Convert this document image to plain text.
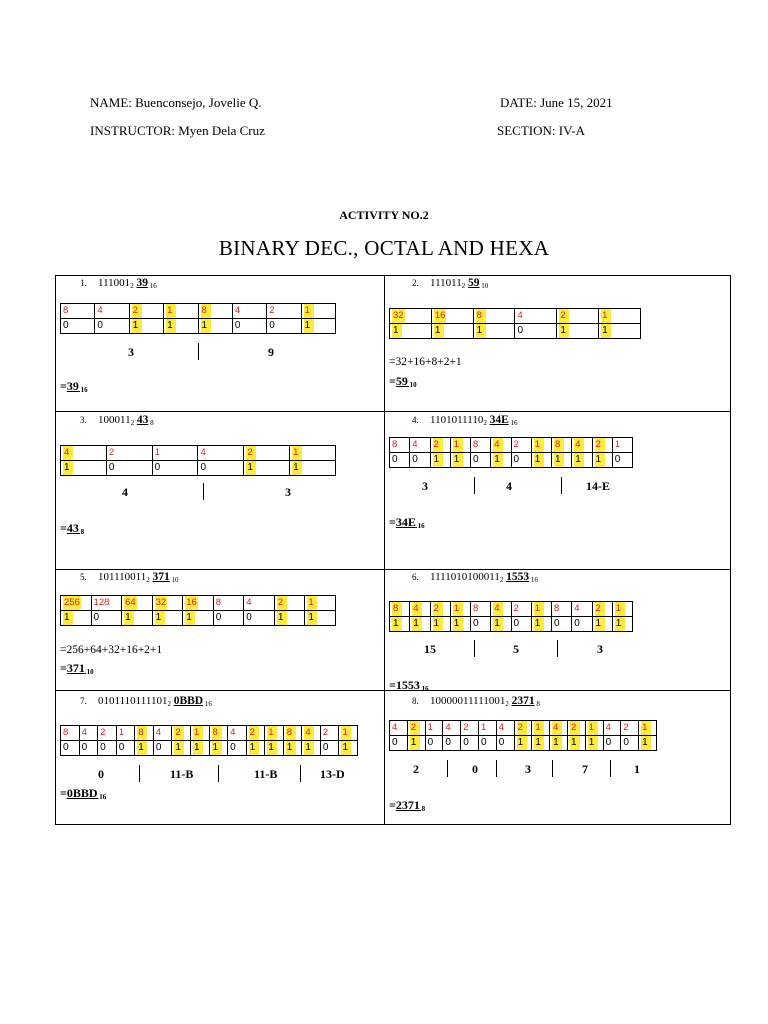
NAME: Buenconsejo, Jovelie Q.	DATE: June 15, 2021
INSTRUCTOR: Myen Dela Cruz	SECTION: IV-A
ACTIVITY NO.2
BINARY DEC., OCTAL AND HEXA
1. $111001_2$ 39 $_{16}$
8	4	2	1	8	4	2	1
0	0	1	1	1	0	0	1
3	9
=39 $_{16}$
2. $111011_2$ 59 $_{10}$
32	16	8	4	2	1
1	1	1	0	1	1
=32+16+8+2+1
=59 $_{10}$
3. $100011_2$ 43 $_8$
4	2	1	4	2	1
1	0	0	0	1	1
4	3
=43 $_8$
4. $1101011110_2$ 34E $_{16}$
8	4	2	1	8	4	2	1	8	4	2	1
0	0	1	1	0	1	0	1	1	1	1	0
3	4	14-E
=34E $_{16}$
5. $101110011_2$ 371 $_{10}$
256	128	64	32	16	8	4	2	1
1	0	1	1	1	0	0	1	1
=256+64+32+16+2+1
=371 $_{10}$
6. $1111010100011_2$ 1553 $_{16}$
8	4	2	1	8	4	2	1	8	4	2	1
1	1	1	1	0	1	0	1	0	0	1	1
15	5	3
=1553 $_{16}$
7. $0101110111101_2$ 0BBD $_{16}$
8	4	2	1	8	4	2	1	8	4	2	1	8	4	2	1
0	0	0	0	1	0	1	1	1	0	1	1	1	1	0	1
0	11-B	11-B	13-D
=0BBD $_{16}$
8. $10000011111001_2$ 2371 $_8$
4	2	1	4	2	1	4	2	1	4	2	1	4	2	1
0	1	0	0	0	0	0	1	1	1	1	1	0	0	1
2	0	3	7	1
=2371 $_8$
